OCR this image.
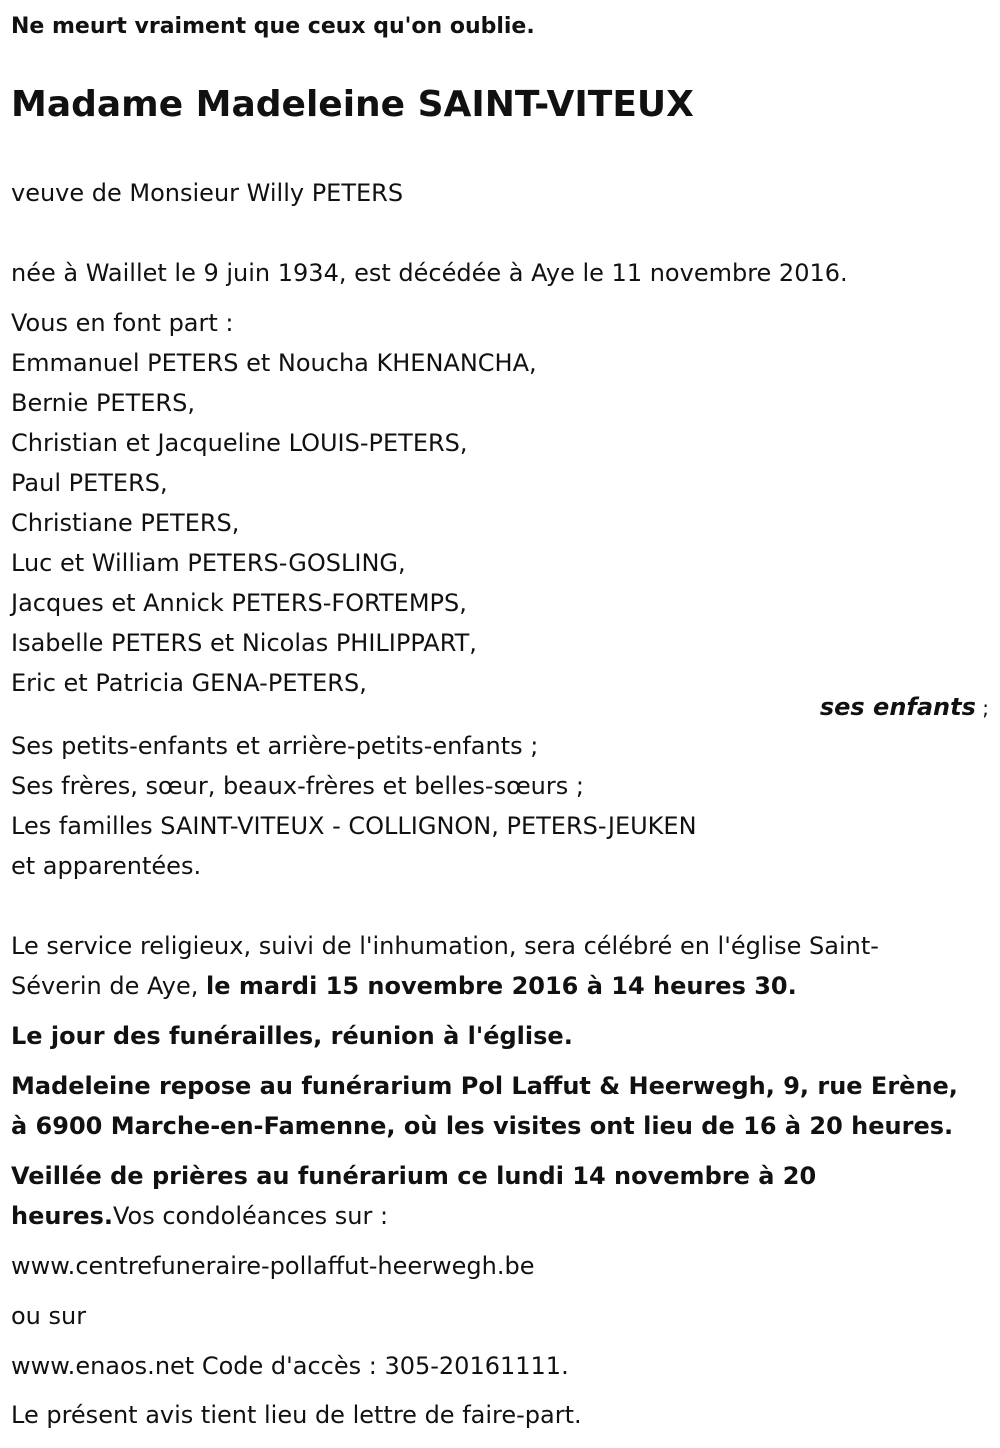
Ne meurt vraiment que ceux qu'on oublie.
Madame Madeleine SAINT-VITEUX
veuve de Monsieur Willy PETERS
née à Waillet le 9 juin 1934, est décédée à Aye le 11 novembre 2016.
Vous en font part :
Emmanuel PETERS et Noucha KHENANCHA,
Bernie PETERS,
Christian et Jacqueline LOUIS-PETERS,
Paul PETERS,
Christiane PETERS,
Luc et William PETERS-GOSLING,
Jacques et Annick PETERS-FORTEMPS,
Isabelle PETERS et Nicolas PHILIPPART,
Eric et Patricia GENA-PETERS,
ses enfants ;
Ses petits-enfants et arrière-petits-enfants ;
Ses frères, sœur, beaux-frères et belles-sœurs ;
Les familles SAINT-VITEUX - COLLIGNON, PETERS-JEUKEN
et apparentées.
Le service religieux, suivi de l'inhumation, sera célébré en l'église Saint-
Séverin de Aye, le mardi 15 novembre 2016 à 14 heures 30.
Le jour des funérailles, réunion à l'église.
Madeleine repose au funérarium Pol Laffut & Heerwegh, 9, rue Erène,
à 6900 Marche-en-Famenne, où les visites ont lieu de 16 à 20 heures.
Veillée de prières au funérarium ce lundi 14 novembre à 20
heures.Vos condoléances sur :
www.centrefuneraire-pollaffut-heerwegh.be
ou sur
www.enaos.net Code d'accès : 305-20161111.
Le présent avis tient lieu de lettre de faire-part.
